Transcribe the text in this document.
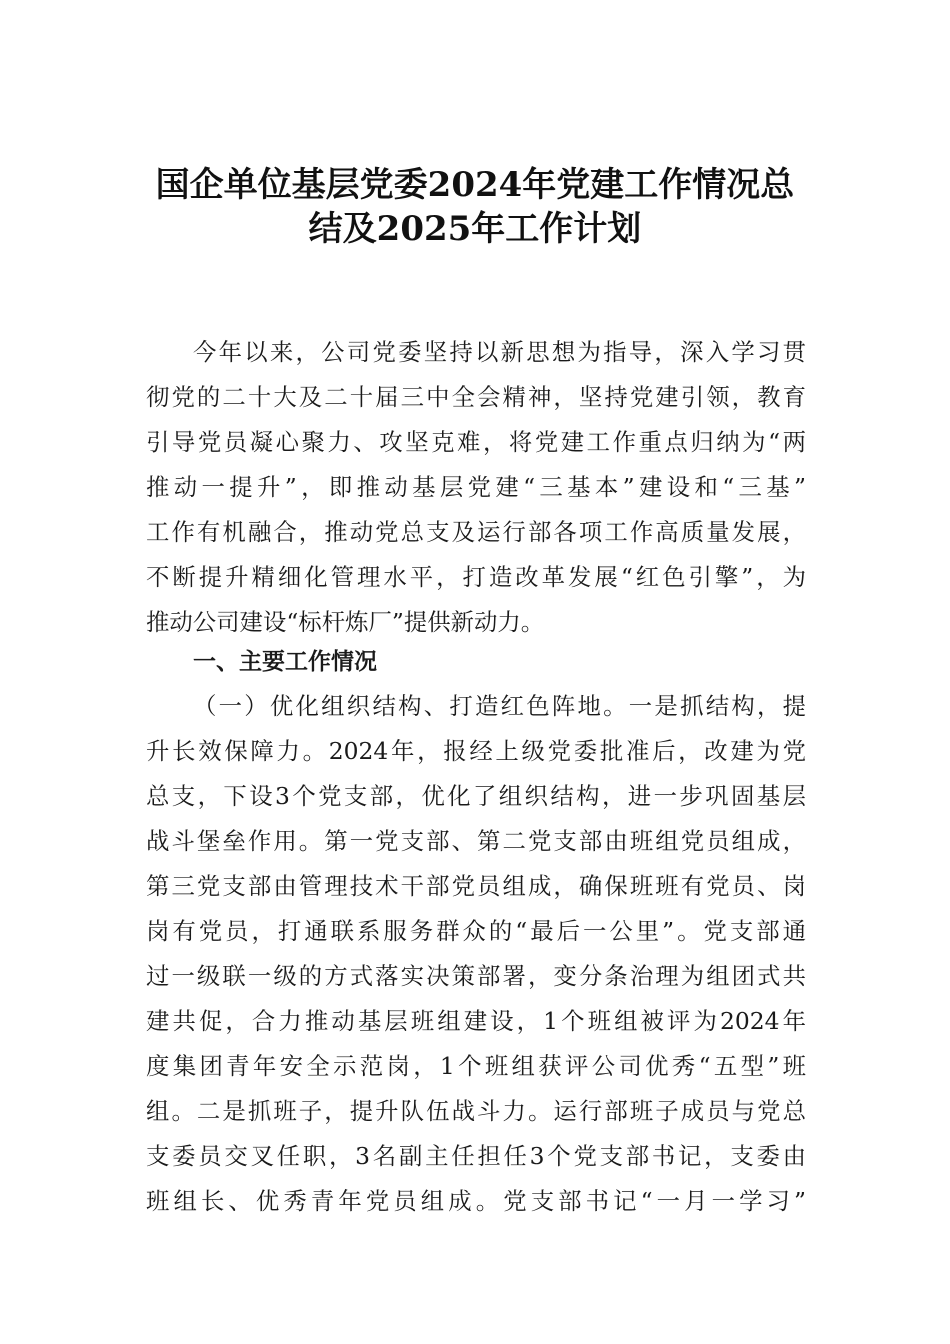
国企单位基层党委2024年党建工作情况总
结及2025年工作计划
今年以来，公司党委坚持以新思想为指导，深入学习贯
彻党的二十大及二十届三中全会精神，坚持党建引领，教育
引导党员凝心聚力、攻坚克难，将党建工作重点归纳为“两
推动一提升”，即推动基层党建“三基本”建设和“三基”
工作有机融合，推动党总支及运行部各项工作高质量发展，
不断提升精细化管理水平，打造改革发展“红色引擎”，为
推动公司建设“标杆炼厂”提供新动力。
一、主要工作情况
（一）优化组织结构、打造红色阵地。一是抓结构，提
升长效保障力。2024年，报经上级党委批准后，改建为党
总支，下设3个党支部，优化了组织结构，进一步巩固基层
战斗堡垒作用。第一党支部、第二党支部由班组党员组成，
第三党支部由管理技术干部党员组成，确保班班有党员、岗
岗有党员，打通联系服务群众的“最后一公里”。党支部通
过一级联一级的方式落实决策部署，变分条治理为组团式共
建共促，合力推动基层班组建设，1个班组被评为2024年
度集团青年安全示范岗，1个班组获评公司优秀“五型”班
组。二是抓班子，提升队伍战斗力。运行部班子成员与党总
支委员交叉任职，3名副主任担任3个党支部书记，支委由
班组长、优秀青年党员组成。党支部书记“一月一学习”
